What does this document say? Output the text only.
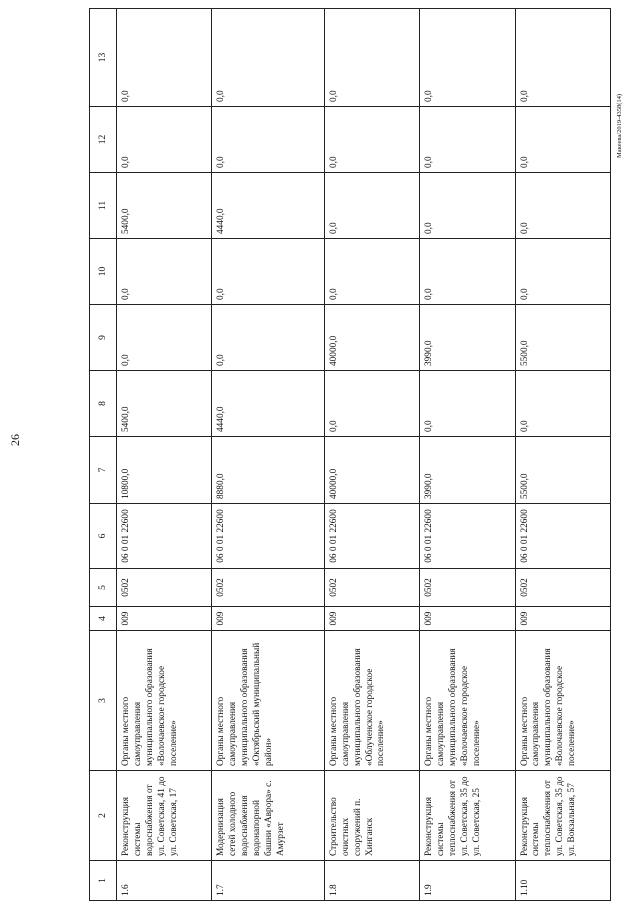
26
Макеева/2019-4358(14)
1	2	3	4	5	6	7	8	9	10	11	12	13
1.6	Реконструкция системы водоснабжения от ул. Советская, 41 до ул. Советская, 17	Органы местного самоуправления муниципального образования «Волочаевское городское поселение»	009	0502	06 0 01 22600	10800,0	5400,0	0,0	0,0	5400,0	0,0	0,0
1.7	Модернизация сетей холодного водоснабжения водонапорной башни «Аврора» с. Амурзет	Органы местного самоуправления муниципального образования «Октябрьский муниципальный район»	009	0502	06 0 01 22600	8880,0	4440,0	0,0	0,0	4440,0	0,0	0,0
1.8	Строительство очистных сооружений п. Хинганск	Органы местного самоуправления муниципального образования «Облученское городское поселение»	009	0502	06 0 01 22600	40000,0	0,0	40000,0	0,0	0,0	0,0	0,0
1.9	Реконструкция системы теплоснабжения от ул. Советская, 35 до ул. Советская, 25	Органы местного самоуправления муниципального образования «Волочаевское городское поселение»	009	0502	06 0 01 22600	3990,0	0,0	3990,0	0,0	0,0	0,0	0,0
1.10	Реконструкция системы теплоснабжения от ул. Советская, 35 до ул. Вокзальная, 57	Органы местного самоуправления муниципального образования «Волочаевское городское поселение»	009	0502	06 0 01 22600	5500,0	0,0	5500,0	0,0	0,0	0,0	0,0
